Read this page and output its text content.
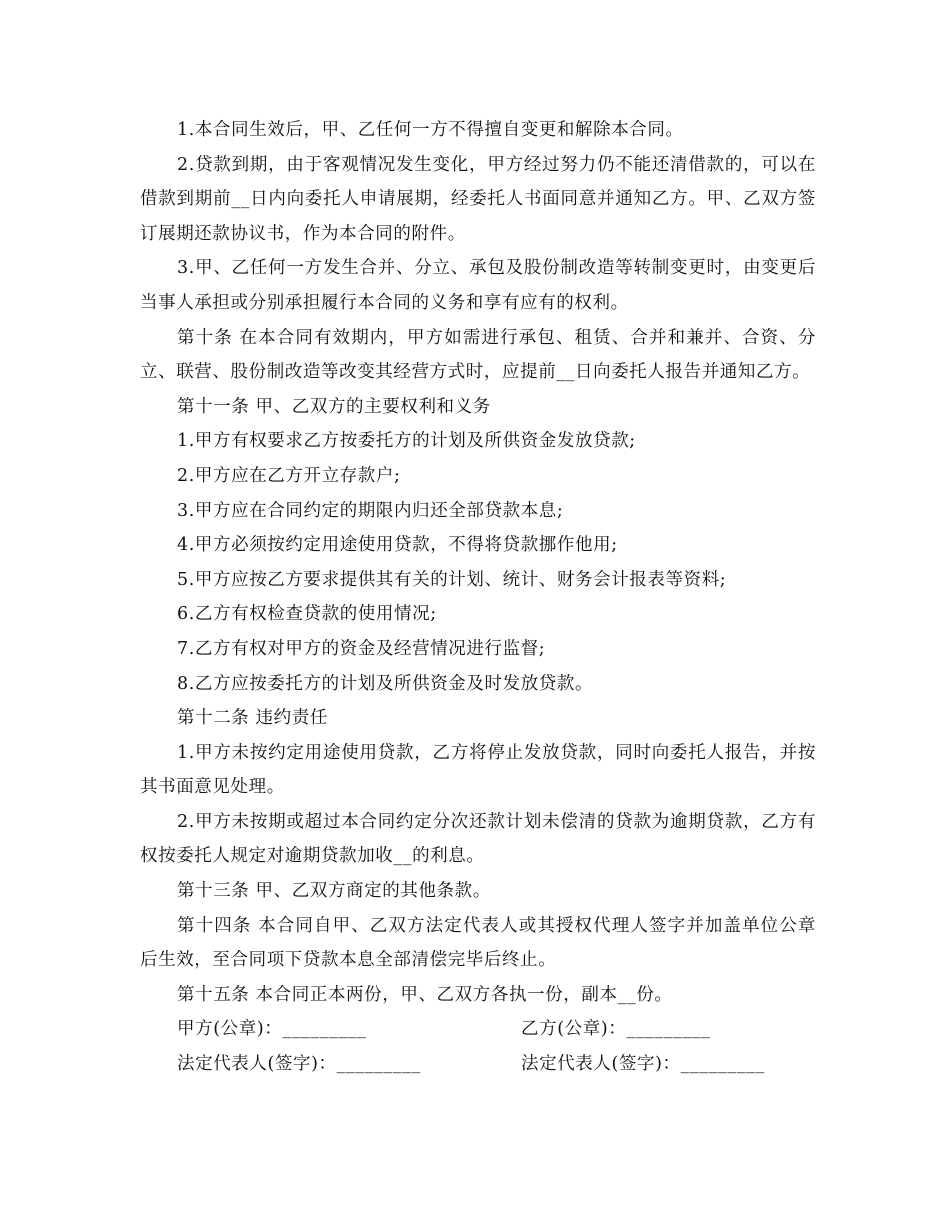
1.本合同生效后，甲、乙任何一方不得擅自变更和解除本合同。

2.贷款到期，由于客观情况发生变化，甲方经过努力仍不能还清借款的，可以在借款到期前__日内向委托人申请展期，经委托人书面同意并通知乙方。甲、乙双方签订展期还款协议书，作为本合同的附件。

3.甲、乙任何一方发生合并、分立、承包及股份制改造等转制变更时，由变更后当事人承担或分别承担履行本合同的义务和享有应有的权利。

第十条 在本合同有效期内，甲方如需进行承包、租赁、合并和兼并、合资、分立、联营、股份制改造等改变其经营方式时，应提前__日向委托人报告并通知乙方。

第十一条 甲、乙双方的主要权利和义务

1.甲方有权要求乙方按委托方的计划及所供资金发放贷款;

2.甲方应在乙方开立存款户;

3.甲方应在合同约定的期限内归还全部贷款本息;

4.甲方必须按约定用途使用贷款，不得将贷款挪作他用;

5.甲方应按乙方要求提供其有关的计划、统计、财务会计报表等资料;

6.乙方有权检查贷款的使用情况;

7.乙方有权对甲方的资金及经营情况进行监督;

8.乙方应按委托方的计划及所供资金及时发放贷款。

第十二条 违约责任

1.甲方未按约定用途使用贷款，乙方将停止发放贷款，同时向委托人报告，并按其书面意见处理。

2.甲方未按期或超过本合同约定分次还款计划未偿清的贷款为逾期贷款，乙方有权按委托人规定对逾期贷款加收__的利息。

第十三条 甲、乙双方商定的其他条款。

第十四条 本合同自甲、乙双方法定代表人或其授权代理人签字并加盖单位公章后生效，至合同项下贷款本息全部清偿完毕后终止。

第十五条 本合同正本两份，甲、乙双方各执一份，副本__份。

甲方(公章)：_________	乙方(公章)：_________
法定代表人(签字)：_________	法定代表人(签字)：_________
